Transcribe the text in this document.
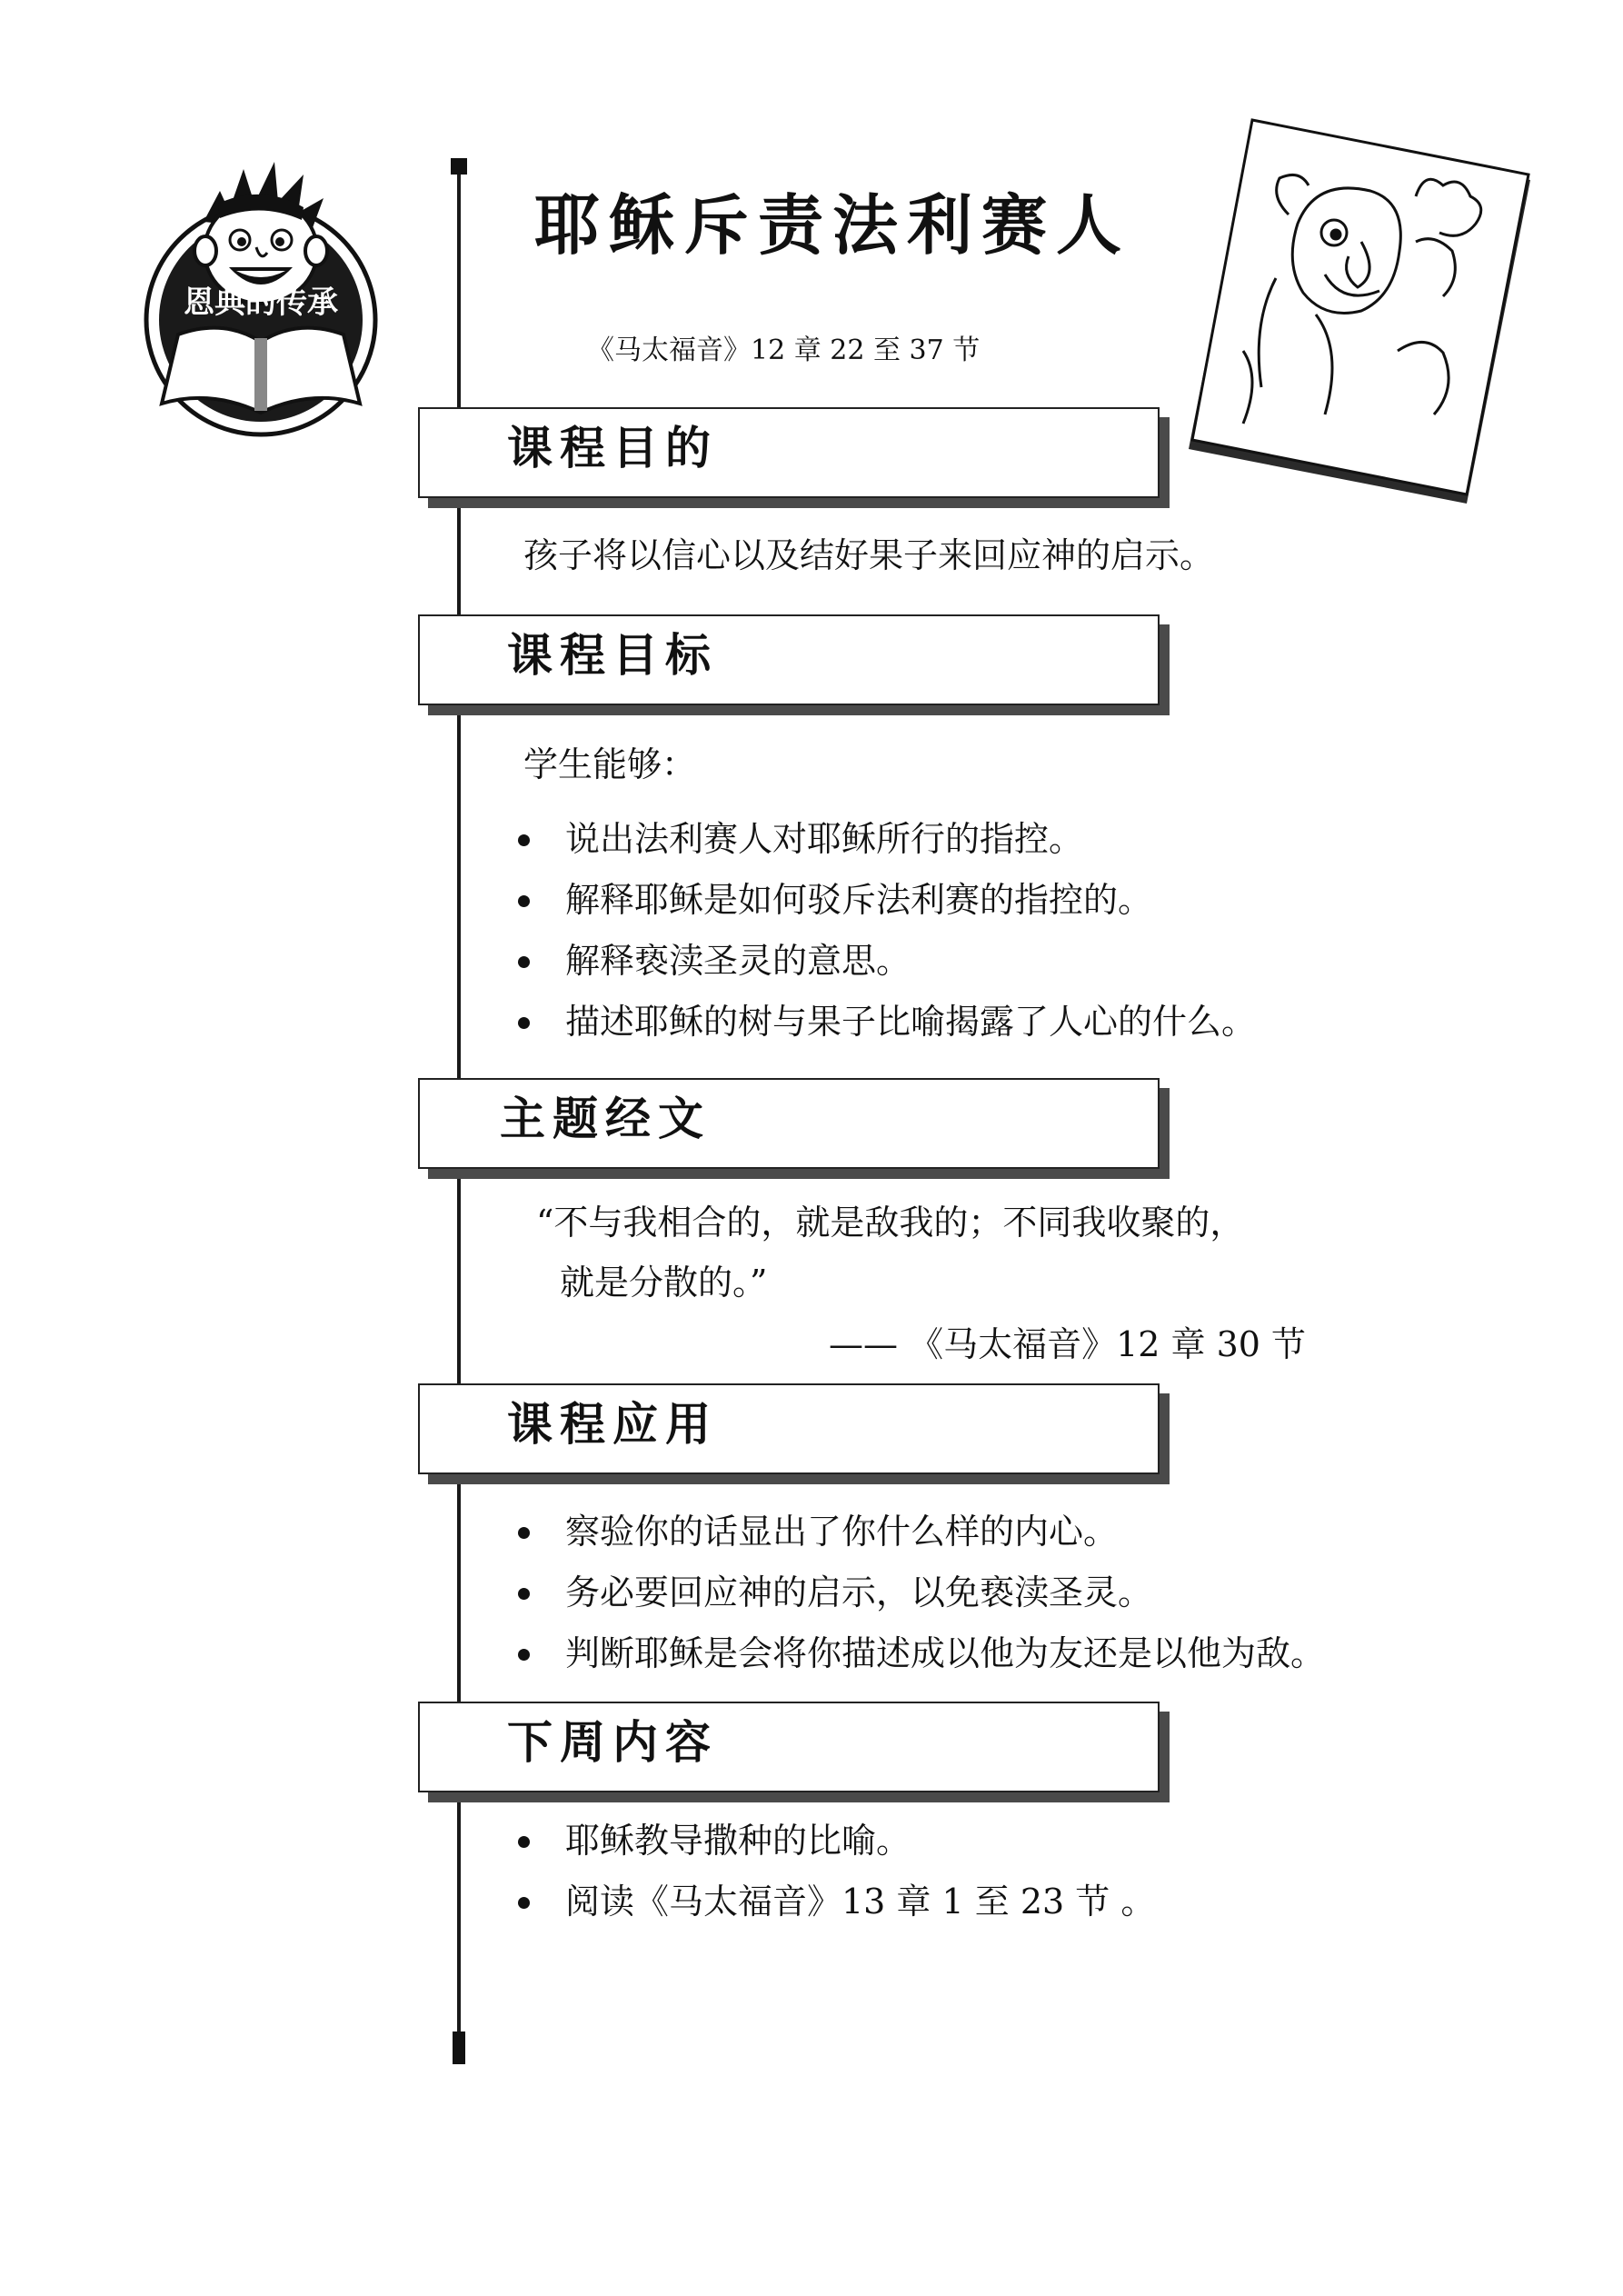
恩典的传承
耶稣斥责法利赛人

《马太福音》12 章 22 至 37 节

课程目的

孩子将以信心以及结好果子来回应神的启示。

课程目标

学生能够：

说出法利赛人对耶稣所行的指控。
解释耶稣是如何驳斥法利赛的指控的。
解释亵渎圣灵的意思。
描述耶稣的树与果子比喻揭露了人心的什么。
主题经文

“不与我相合的，就是敌我的；不同我收聚的，

就是分散的。”

—— 《马太福音》12 章 30 节

课程应用
察验你的话显出了你什么样的内心。
务必要回应神的启示，以免亵渎圣灵。
判断耶稣是会将你描述成以他为友还是以他为敌。
下周内容
耶稣教导撒种的比喻。
阅读《马太福音》13 章 1 至 23 节 。
